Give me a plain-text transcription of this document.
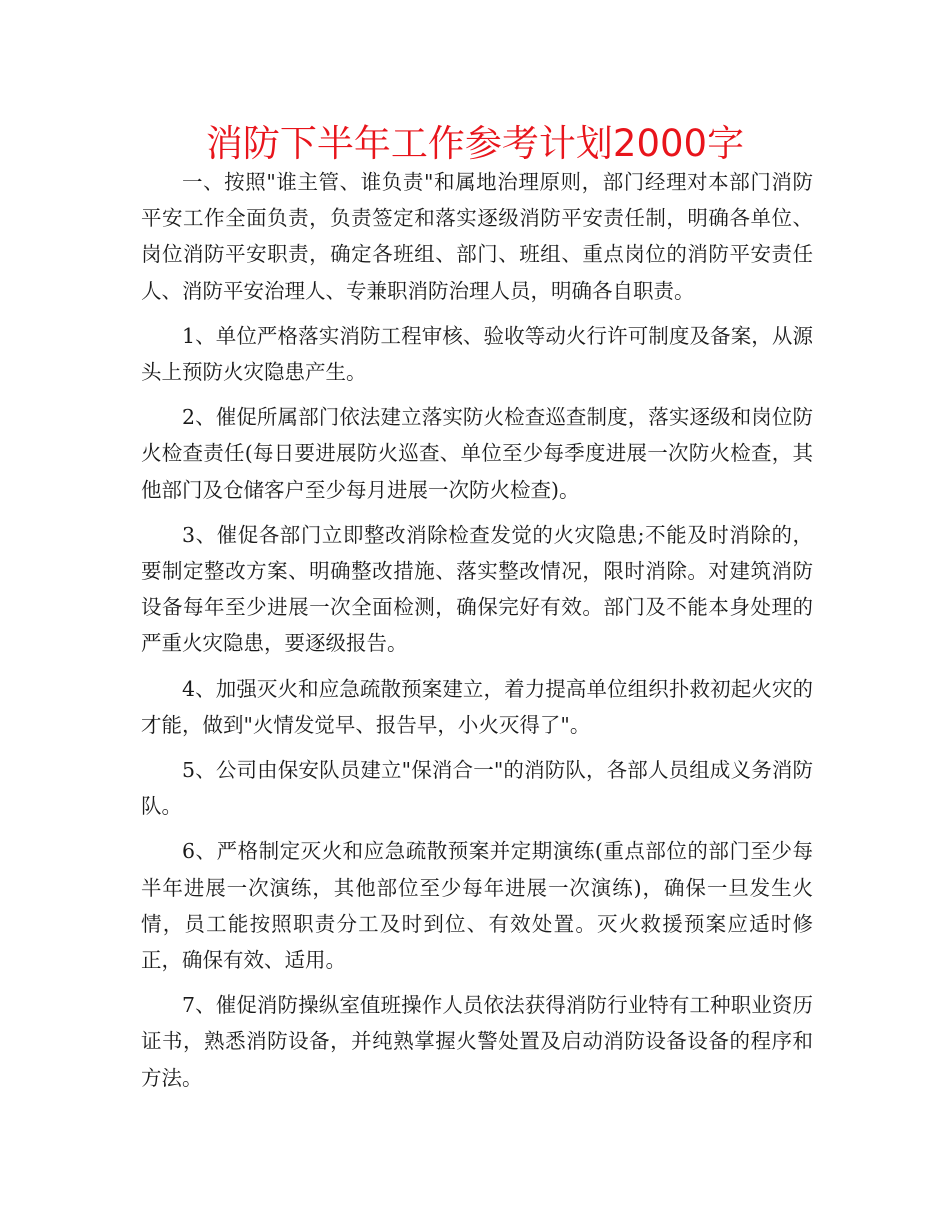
消防下半年工作参考计划2000字

一、按照"谁主管、谁负责"和属地治理原则，部门经理对本部门消防平安工作全面负责，负责签定和落实逐级消防平安责任制，明确各单位、岗位消防平安职责，确定各班组、部门、班组、重点岗位的消防平安责任人、消防平安治理人、专兼职消防治理人员，明确各自职责。

1、单位严格落实消防工程审核、验收等动火行许可制度及备案，从源头上预防火灾隐患产生。

2、催促所属部门依法建立落实防火检查巡查制度，落实逐级和岗位防火检查责任(每日要进展防火巡查、单位至少每季度进展一次防火检查，其他部门及仓储客户至少每月进展一次防火检查)。

3、催促各部门立即整改消除检查发觉的火灾隐患;不能及时消除的，要制定整改方案、明确整改措施、落实整改情况，限时消除。对建筑消防设备每年至少进展一次全面检测，确保完好有效。部门及不能本身处理的严重火灾隐患，要逐级报告。

4、加强灭火和应急疏散预案建立，着力提高单位组织扑救初起火灾的才能，做到"火情发觉早、报告早，小火灭得了"。

5、公司由保安队员建立"保消合一"的消防队，各部人员组成义务消防队。

6、严格制定灭火和应急疏散预案并定期演练(重点部位的部门至少每半年进展一次演练，其他部位至少每年进展一次演练)，确保一旦发生火情，员工能按照职责分工及时到位、有效处置。灭火救援预案应适时修正，确保有效、适用。

7、催促消防操纵室值班操作人员依法获得消防行业特有工种职业资历证书，熟悉消防设备，并纯熟掌握火警处置及启动消防设备设备的程序和方法。
